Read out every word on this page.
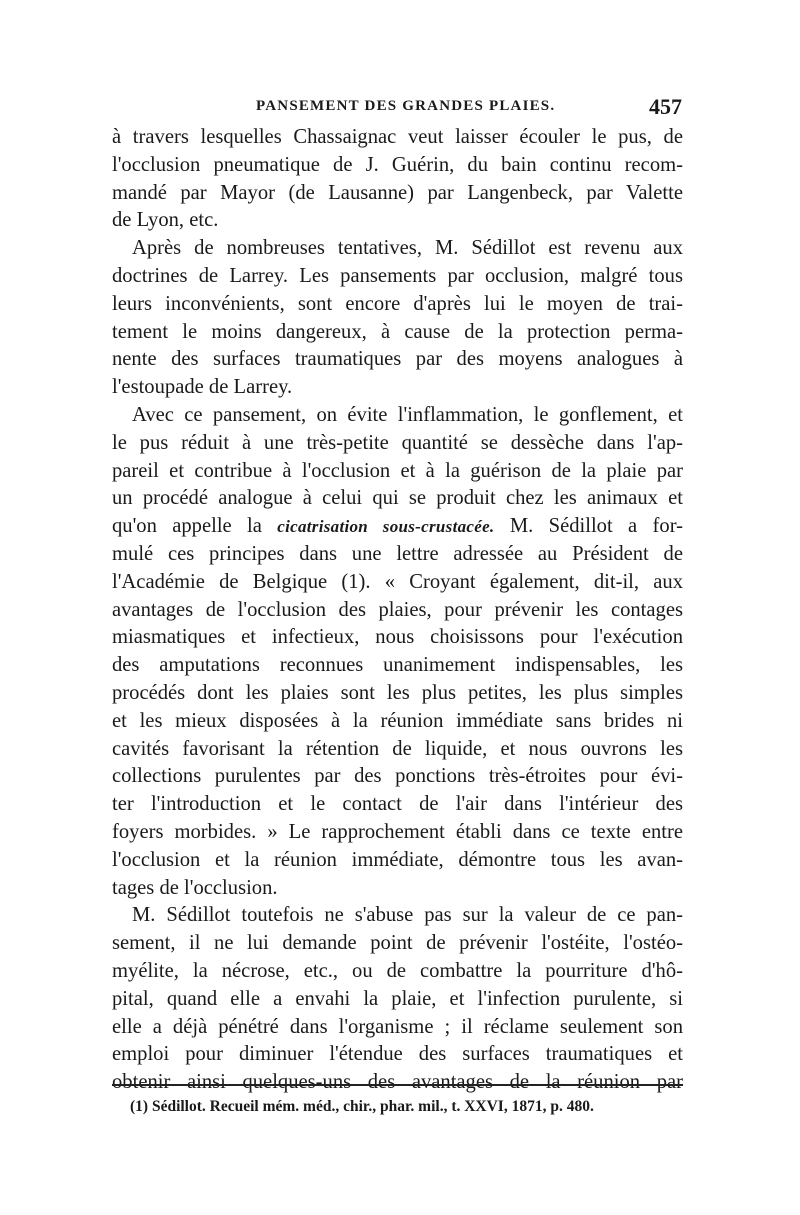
PANSEMENT DES GRANDES PLAIES.	457

à travers lesquelles Chassaignac veut laisser écouler le pus, de
l'occlusion pneumatique de J. Guérin, du bain continu recom-
mandé par Mayor (de Lausanne) par Langenbeck, par Valette
de Lyon, etc.

Après de nombreuses tentatives, M. Sédillot est revenu aux
doctrines de Larrey. Les pansements par occlusion, malgré tous
leurs inconvénients, sont encore d'après lui le moyen de trai-
tement le moins dangereux, à cause de la protection perma-
nente des surfaces traumatiques par des moyens analogues à
l'estoupade de Larrey.

Avec ce pansement, on évite l'inflammation, le gonflement, et
le pus réduit à une très-petite quantité se dessèche dans l'ap-
pareil et contribue à l'occlusion et à la guérison de la plaie par
un procédé analogue à celui qui se produit chez les animaux et
qu'on appelle la cicatrisation sous-crustacée. M. Sédillot a for-
mulé ces principes dans une lettre adressée au Président de
l'Académie de Belgique (1). « Croyant également, dit-il, aux
avantages de l'occlusion des plaies, pour prévenir les contages
miasmatiques et infectieux, nous choisissons pour l'exécution
des amputations reconnues unanimement indispensables, les
procédés dont les plaies sont les plus petites, les plus simples
et les mieux disposées à la réunion immédiate sans brides ni
cavités favorisant la rétention de liquide, et nous ouvrons les
collections purulentes par des ponctions très-étroites pour évi-
ter l'introduction et le contact de l'air dans l'intérieur des
foyers morbides. » Le rapprochement établi dans ce texte entre
l'occlusion et la réunion immédiate, démontre tous les avan-
tages de l'occlusion.

M. Sédillot toutefois ne s'abuse pas sur la valeur de ce pan-
sement, il ne lui demande point de prévenir l'ostéite, l'ostéo-
myélite, la nécrose, etc., ou de combattre la pourriture d'hô-
pital, quand elle a envahi la plaie, et l'infection purulente, si
elle a déjà pénétré dans l'organisme ; il réclame seulement son
emploi pour diminuer l'étendue des surfaces traumatiques et
obtenir ainsi quelques-uns des avantages de la réunion par

(1) Sédillot. Recueil mém. méd., chir., phar. mil., t. XXVI, 1871, p. 480.
